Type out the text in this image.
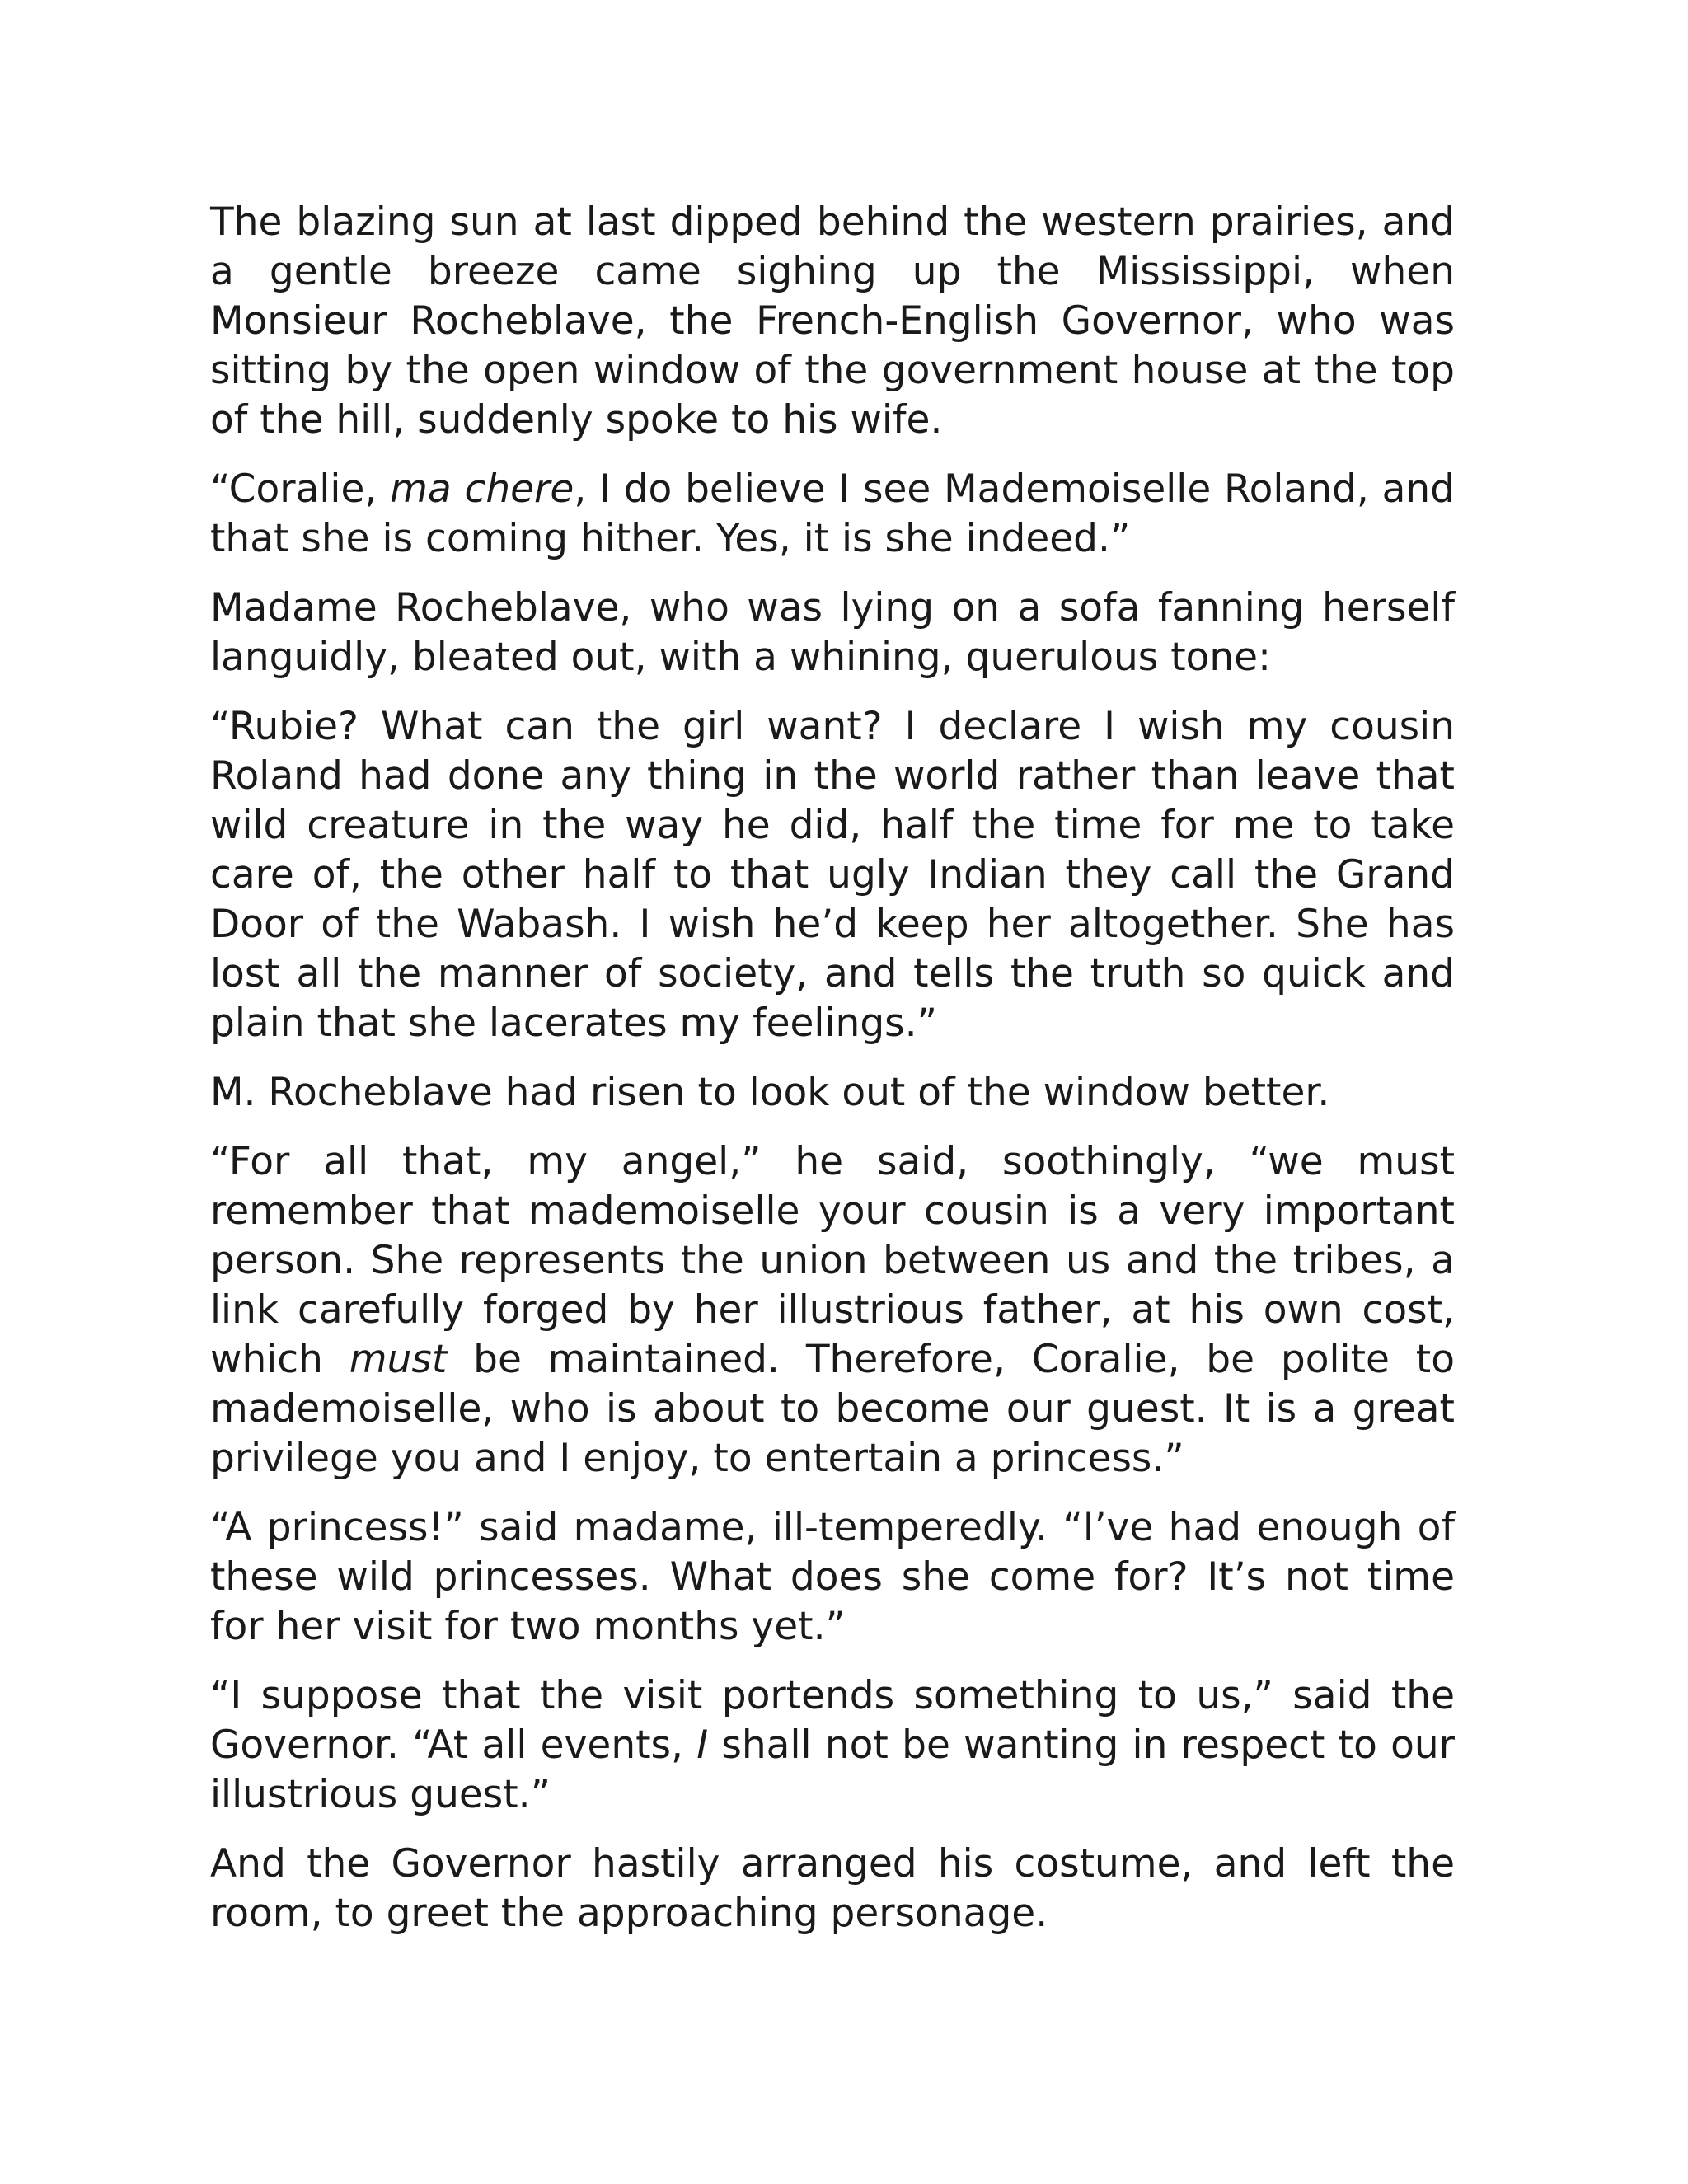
The blazing sun at last dipped behind the western prairies, and a gentle breeze came sighing up the Mississippi, when Monsieur Rocheblave, the French-English Governor, who was sitting by the open window of the government house at the top of the hill, suddenly spoke to his wife.

“Coralie, ma chere, I do believe I see Mademoiselle Roland, and that she is coming hither. Yes, it is she indeed.”

Madame Rocheblave, who was lying on a sofa fanning herself languidly, bleated out, with a whining, querulous tone:

“Rubie? What can the girl want? I declare I wish my cousin Roland had done any thing in the world rather than leave that wild creature in the way he did, half the time for me to take care of, the other half to that ugly Indian they call the Grand Door of the Wabash. I wish he’d keep her altogether. She has lost all the manner of society, and tells the truth so quick and plain that she lacerates my feelings.”

M. Rocheblave had risen to look out of the window better.

“For all that, my angel,” he said, soothingly, “we must remember that mademoiselle your cousin is a very important person. She represents the union between us and the tribes, a link carefully forged by her illustrious father, at his own cost, which must be maintained. Therefore, Coralie, be polite to mademoiselle, who is about to become our guest. It is a great privilege you and I enjoy, to entertain a princess.”

“A princess!” said madame, ill-temperedly. “I’ve had enough of these wild princesses. What does she come for? It’s not time for her visit for two months yet.”

“I suppose that the visit portends something to us,” said the Governor. “At all events, I shall not be wanting in respect to our illustrious guest.”

And the Governor hastily arranged his costume, and left the room, to greet the approaching personage.
